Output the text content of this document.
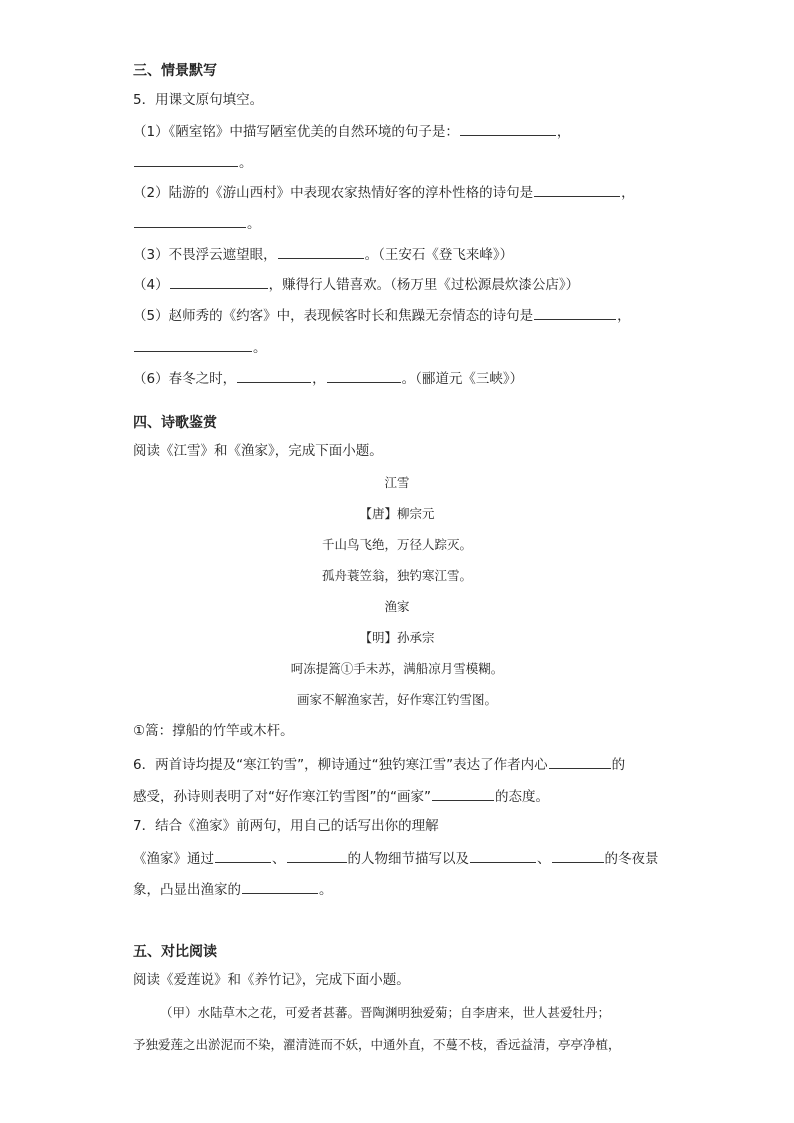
三、情景默写
5．用课文原句填空。
（1）《陋室铭》中描写陋室优美的自然环境的句子是：	，
。
（2）陆游的《游山西村》中表现农家热情好客的淳朴性格的诗句是	，
。
（3）不畏浮云遮望眼，	。（王安石《登飞来峰》）
（4）	，赚得行人错喜欢。（杨万里《过松源晨炊漆公店》）
（5）赵师秀的《约客》中，表现候客时长和焦躁无奈情态的诗句是	，
。
（6）春冬之时，	，	。（郦道元《三峡》）
四、诗歌鉴赏
阅读《江雪》和《渔家》，完成下面小题。
江雪
【唐】柳宗元
千山鸟飞绝，万径人踪灭。
孤舟蓑笠翁，独钓寒江雪。
渔家
【明】孙承宗
呵冻提篙①手未苏，满船凉月雪模糊。
画家不解渔家苦，好作寒江钓雪图。
①篙：撑船的竹竿或木杆。
6．两首诗均提及“寒江钓雪”，柳诗通过“独钓寒江雪”表达了作者内心	的
感受，孙诗则表明了对“好作寒江钓雪图”的“画家”	的态度。
7．结合《渔家》前两句，用自己的话写出你的理解
《渔家》通过	、	的人物细节描写以及	、	的冬夜景
象，凸显出渔家的	。
五、对比阅读
阅读《爱莲说》和《养竹记》，完成下面小题。
（甲）水陆草木之花，可爱者甚蕃。晋陶渊明独爱菊；自李唐来，世人甚爱牡丹；
予独爱莲之出淤泥而不染，濯清涟而不妖，中通外直，不蔓不枝，香远益清，亭亭净植，
